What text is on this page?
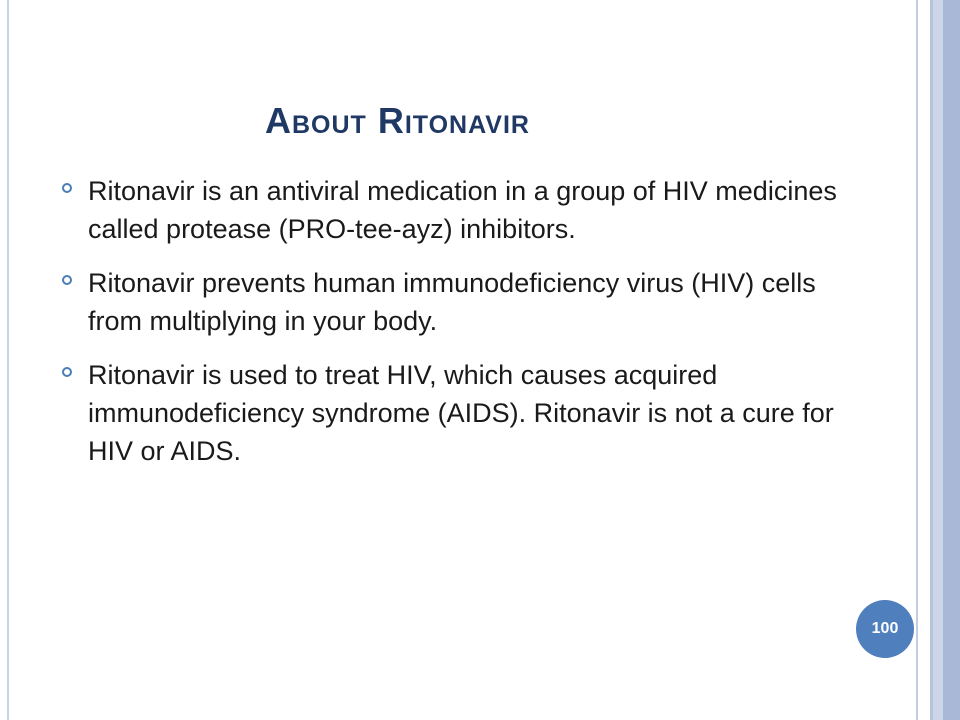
About Ritonavir
Ritonavir is an antiviral medication in a group of HIV medicines called protease (PRO-tee-ayz) inhibitors.
Ritonavir prevents human immunodeficiency virus (HIV) cells from multiplying in your body.
Ritonavir is used to treat HIV, which causes acquired immunodeficiency syndrome (AIDS). Ritonavir is not a cure for HIV or AIDS.
100
